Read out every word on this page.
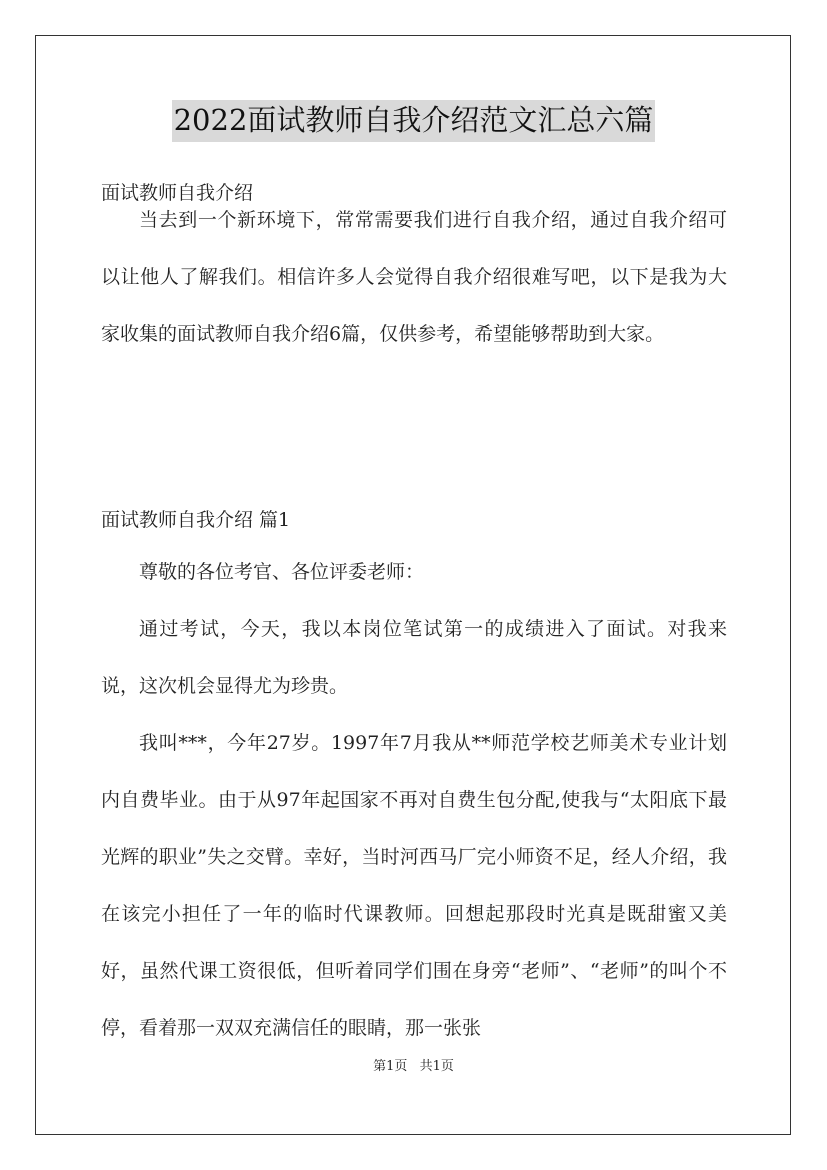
2022面试教师自我介绍范文汇总六篇
面试教师自我介绍

当去到一个新环境下，常常需要我们进行自我介绍，通过自我介绍可以让他人了解我们。相信许多人会觉得自我介绍很难写吧，以下是我为大家收集的面试教师自我介绍6篇，仅供参考，希望能够帮助到大家。

面试教师自我介绍 篇1

尊敬的各位考官、各位评委老师：

通过考试，今天，我以本岗位笔试第一的成绩进入了面试。对我来说，这次机会显得尤为珍贵。

我叫***，今年27岁。1997年7月我从**师范学校艺师美术专业计划内自费毕业。由于从97年起国家不再对自费生包分配,使我与“太阳底下最光辉的职业”失之交臂。幸好，当时河西马厂完小师资不足，经人介绍，我在该完小担任了一年的临时代课教师。回想起那段时光真是既甜蜜又美好，虽然代课工资很低，但听着同学们围在身旁“老师”、“老师”的叫个不停，看着那一双双充满信任的眼睛，那一张张

第1页 共1页
